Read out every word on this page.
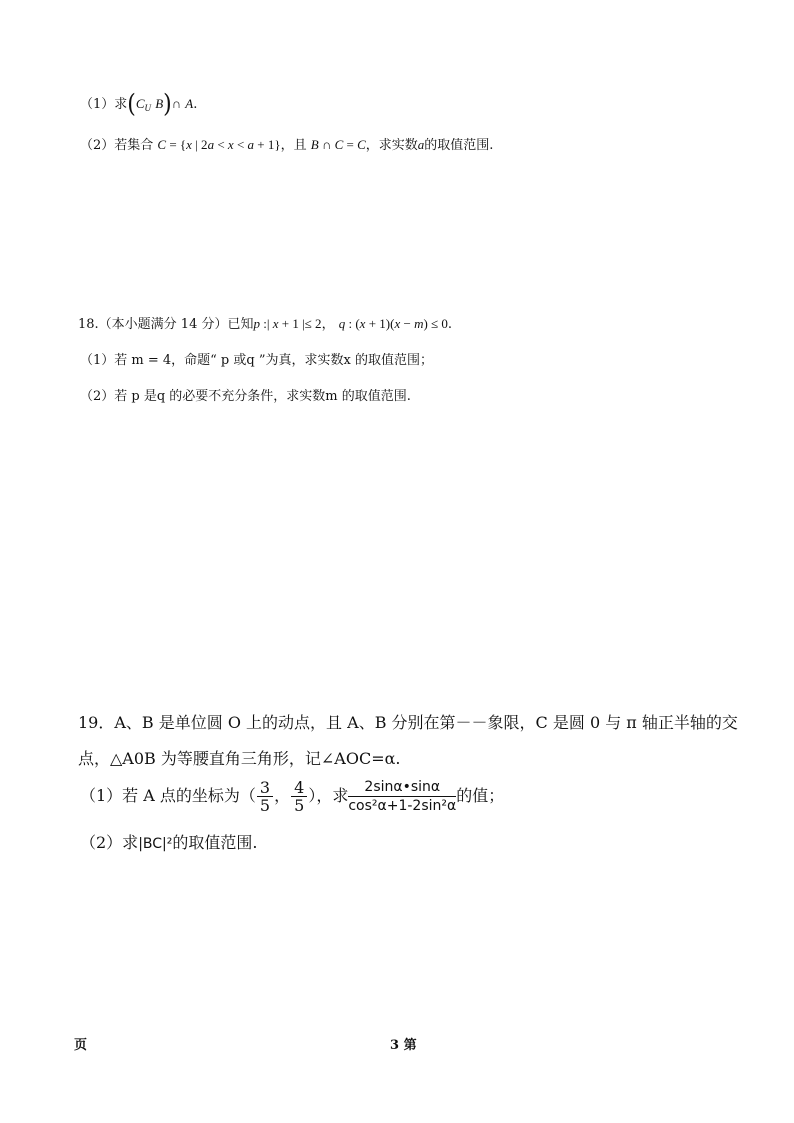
（1）求($C_U$ B)∩ A.
（2）若集合 C = {x | 2a < x < a + 1}，且 B ∩ C = C，求实数a的取值范围.
18.（本小题满分 14 分）已知p :| x + 1 |≤ 2， q : (x + 1)(x − m) ≤ 0.
（1）若 m = 4，命题“ p 或q ”为真，求实数x 的取值范围；
（2）若 p 是q 的必要不充分条件，求实数m 的取值范围.
19．A、B 是单位圆 O 上的动点，且 A、B 分别在第－－象限，C 是圆 0 与 π 轴正半轴的交
点，△A0B 为等腰直角三角形，记∠AOC=α.
（1）若 A 点的坐标为（ $\frac{3}{5}$ ， $\frac{4}{5}$ ），求 $\frac{2\sin\alpha•\sin\alpha}{\text{cos²α+1-2sin²α}}$ 的值；
（2）求|BC|²的取值范围.
页	3 第
